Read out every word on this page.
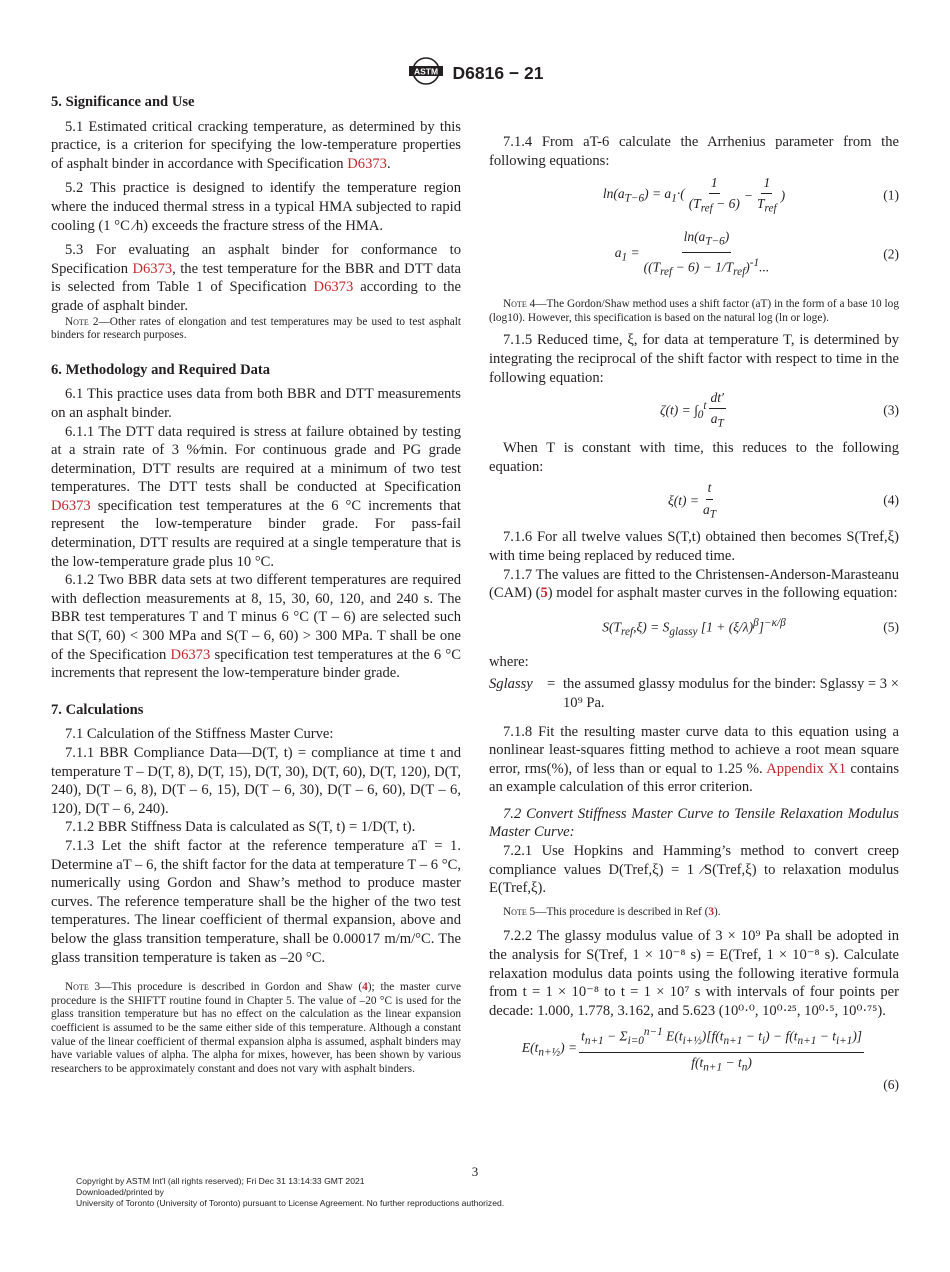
ASTM D6816 − 21

5. Significance and Use

5.1 Estimated critical cracking temperature, as determined by this practice, is a criterion for specifying the low-temperature properties of asphalt binder in accordance with Specification D6373.

5.2 This practice is designed to identify the temperature region where the induced thermal stress in a typical HMA subjected to rapid cooling (1 °C ⁄h) exceeds the fracture stress of the HMA.

5.3 For evaluating an asphalt binder for conformance to Specification D6373, the test temperature for the BBR and DTT data is selected from Table 1 of Specification D6373 according to the grade of asphalt binder.

Note 2—Other rates of elongation and test temperatures may be used to test asphalt binders for research purposes.

6. Methodology and Required Data

6.1 This practice uses data from both BBR and DTT measurements on an asphalt binder.

6.1.1 The DTT data required is stress at failure obtained by testing at a strain rate of 3 %⁄min. For continuous grade and PG grade determination, DTT results are required at a minimum of two test temperatures. The DTT tests shall be conducted at Specification D6373 specification test temperatures at the 6 °C increments that represent the low-temperature binder grade. For pass-fail determination, DTT results are required at a single temperature that is the low-temperature grade plus 10 °C.

6.1.2 Two BBR data sets at two different temperatures are required with deflection measurements at 8, 15, 30, 60, 120, and 240 s. The BBR test temperatures T and T minus 6 °C (T – 6) are selected such that S(T, 60) < 300 MPa and S(T – 6, 60) > 300 MPa. T shall be one of the Specification D6373 specification test temperatures at the 6 °C increments that represent the low-temperature binder grade.

7. Calculations

7.1 Calculation of the Stiffness Master Curve:

7.1.1 BBR Compliance Data—D(T, t) = compliance at time t and temperature T – D(T, 8), D(T, 15), D(T, 30), D(T, 60), D(T, 120), D(T, 240), D(T – 6, 8), D(T – 6, 15), D(T – 6, 30), D(T – 6, 60), D(T – 6, 120), D(T – 6, 240).

7.1.2 BBR Stiffness Data is calculated as S(T, t) = 1/D(T, t).

7.1.3 Let the shift factor at the reference temperature aT = 1. Determine aT – 6, the shift factor for the data at temperature T – 6 °C, numerically using Gordon and Shaw’s method to produce master curves. The reference temperature shall be the higher of the two test temperatures. The linear coefficient of thermal expansion, above and below the glass transition temperature, shall be 0.00017 m/m/°C. The glass transition temperature is taken as –20 °C.

Note 3—This procedure is described in Gordon and Shaw (4); the master curve procedure is the SHIFTT routine found in Chapter 5. The value of –20 °C is used for the glass transition temperature but has no effect on the calculation as the linear expansion coefficient is assumed to be the same either side of this temperature. Although a constant value of the linear coefficient of thermal expansion alpha is assumed, asphalt binders may have variable values of alpha. The alpha for mixes, however, has been shown by various researchers to be approximately constant and does not vary with asphalt binders.

7.1.4 From aT-6 calculate the Arrhenius parameter from the following equations:

$\ln(a_{T-6}) = a_1\cdot( \frac{1}{(T_{ref} - 6)} - \frac{1}{T_{ref}}$ )	(1)
$a_1 = \frac{\ln(a_{T-6})}{((T_{ref} - 6) - 1/T_{ref})^{-1}...}$	(2)

Note 4—The Gordon/Shaw method uses a shift factor (aT) in the form of a base 10 log (log10). However, this specification is based on the natural log (ln or loge).

7.1.5 Reduced time, ξ, for data at temperature T, is determined by integrating the reciprocal of the shift factor with respect to time in the following equation:

$\zeta(t) = \int_0^t \frac{dt'}{a_T}$	(3)

When T is constant with time, this reduces to the following equation:

$\xi(t) = \frac{t}{a_T}$	(4)

7.1.6 For all twelve values S(T,t) obtained then becomes S(Tref,ξ) with time being replaced by reduced time.

7.1.7 The values are fitted to the Christensen-Anderson-Marasteanu (CAM) (5) model for asphalt master curves in the following equation:

$S(T_{ref},\xi) = S_{glassy}$ $[1 + (\xi/\lambda)^\beta]^{-\kappa/\beta}$	(5)

where:

Sglassy = the assumed glassy modulus for the binder: Sglassy = 3 × 10⁹ Pa.

7.1.8 Fit the resulting master curve data to this equation using a nonlinear least-squares fitting method to achieve a root mean square error, rms(%), of less than or equal to 1.25 %. Appendix X1 contains an example calculation of this error criterion.

7.2 Convert Stiffness Master Curve to Tensile Relaxation Modulus Master Curve:

7.2.1 Use Hopkins and Hamming’s method to convert creep compliance values D(Tref,ξ) = 1 ⁄S(Tref,ξ) to relaxation modulus E(Tref,ξ).

Note 5—This procedure is described in Ref (3).

7.2.2 The glassy modulus value of 3 × 10⁹ Pa shall be adopted in the analysis for S(Tref, 1 × 10⁻⁸ s) = E(Tref, 1 × 10⁻⁸ s). Calculate relaxation modulus data points using the following iterative formula from t = 1 × 10⁻⁸ to t = 1 × 10⁷ s with intervals of four points per decade: 1.000, 1.778, 3.162, and 5.623 (10⁰·⁰, 10⁰·²⁵, 10⁰·⁵, 10⁰·⁷⁵).

$E(t_{n+\frac{1}{2}}) = \frac{t_{n+1} - \Sigma_{i=0}^{n-1} E(t_{i+\frac{1}{2}})[f(t_{n+1} - t_i) - f(t_{n+1} - t_{i+1})]}{f(t_{n+1} - t_n)}$
(6)
3
Copyright by ASTM Int'l (all rights reserved); Fri Dec 31 13:14:33 GMT 2021
Downloaded/printed by
University of Toronto (University of Toronto) pursuant to License Agreement. No further reproductions authorized.
